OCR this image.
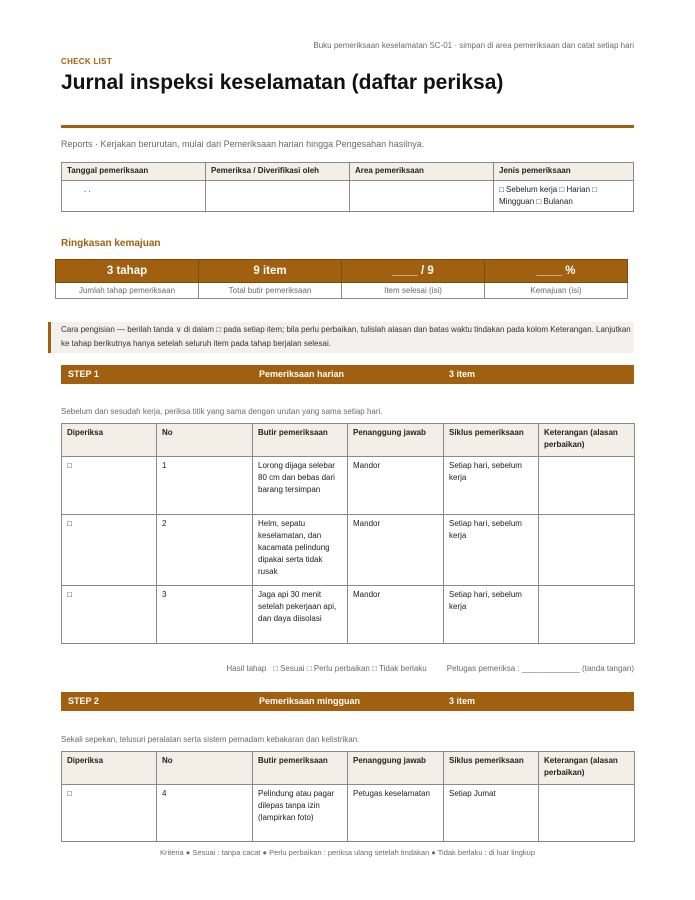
Buku pemeriksaan keselamatan SC-01 · simpan di area pemeriksaan dan catat setiap hari
CHECK LIST
Jurnal inspeksi keselamatan (daftar periksa)
Reports · Kerjakan berurutan, mulai dari Pemeriksaan harian hingga Pengesahan hasilnya.
Tanggal pemeriksaan	Pemeriksa / Diverifikasi oleh	Area pemeriksaan	Jenis pemeriksaan
. .			□ Sebelum kerja □ Harian □ Mingguan □ Bulanan
Ringkasan kemajuan
3 tahap	9 item	____ / 9	____ %
Jumlah tahap pemeriksaan	Total butir pemeriksaan	Item selesai (isi)	Kemajuan (isi)
Cara pengisian — berilah tanda ∨ di dalam □ pada setiap item; bila perlu perbaikan, tulislah alasan dan batas waktu tindakan pada kolom Keterangan. Lanjutkan ke tahap berikutnya hanya setelah seluruh item pada tahap berjalan selesai.
STEP 1	Pemeriksaan harian	3 item
Sebelum dan sesudah kerja, periksa titik yang sama dengan urutan yang sama setiap hari.
Diperiksa	No	Butir pemeriksaan	Penanggung jawab	Siklus pemeriksaan	Keterangan (alasan perbaikan)
□	1	Lorong dijaga selebar 80 cm dan bebas dari barang tersimpan	Mandor	Setiap hari, sebelum kerja	
□	2	Helm, sepatu keselamatan, dan kacamata pelindung dipakai serta tidak rusak	Mandor	Setiap hari, sebelum kerja	
□	3	Jaga api 30 menit setelah pekerjaan api, dan daya diisolasi	Mandor	Setiap hari, sebelum kerja	
Hasil tahap □ Sesuai □ Perlu perbaikan □ Tidak berlaku	Petugas pemeriksa : _____________ (tanda tangan)
STEP 2	Pemeriksaan mingguan	3 item
Sekali sepekan, telusuri peralatan serta sistem pemadam kebakaran dan kelistrikan.
Diperiksa	No	Butir pemeriksaan	Penanggung jawab	Siklus pemeriksaan	Keterangan (alasan perbaikan)
□	4	Pelindung atau pagar dilepas tanpa izin (lampirkan foto)	Petugas keselamatan	Setiap Jumat	
Kriteria ● Sesuai : tanpa cacat ● Perlu perbaikan : periksa ulang setelah tindakan ● Tidak berlaku : di luar lingkup
